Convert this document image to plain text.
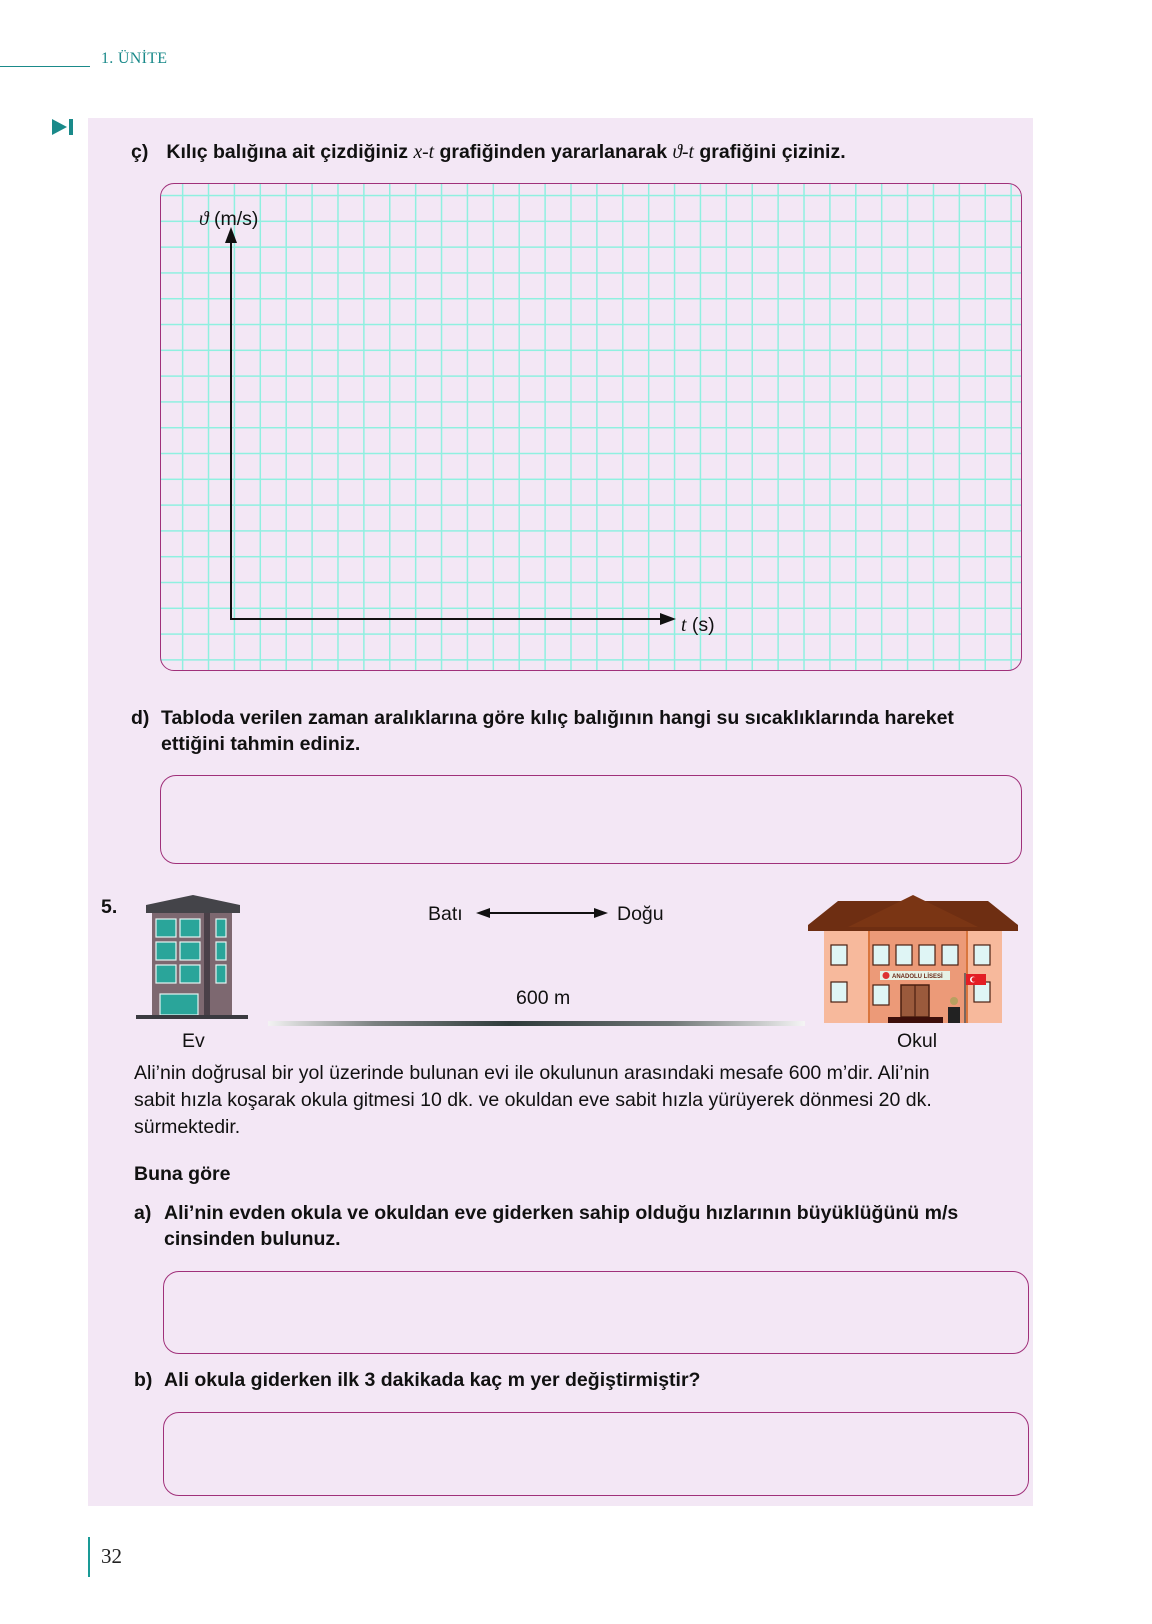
1. ÜNİTE
ç) Kılıç balığına ait çizdiğiniz x-t grafiğinden yararlanarak ϑ-t grafiğini çiziniz.
ϑ (m/s)
t (s)
d) Tabloda verilen zaman aralıklarına göre kılıç balığının hangi su sıcaklıklarında hareket
ettiğini tahmin ediniz.
5.
Ev
Batı	Doğu
600 m
ANADOLU LİSESİ
Okul
Ali’nin doğrusal bir yol üzerinde bulunan evi ile okulunun arasındaki mesafe 600 m’dir. Ali’nin
sabit hızla koşarak okula gitmesi 10 dk. ve okuldan eve sabit hızla yürüyerek dönmesi 20 dk.
sürmektedir.
Buna göre
a) Ali’nin evden okula ve okuldan eve giderken sahip olduğu hızlarının büyüklüğünü m/s
cinsinden bulunuz.
b) Ali okula giderken ilk 3 dakikada kaç m yer değiştirmiştir?
32
